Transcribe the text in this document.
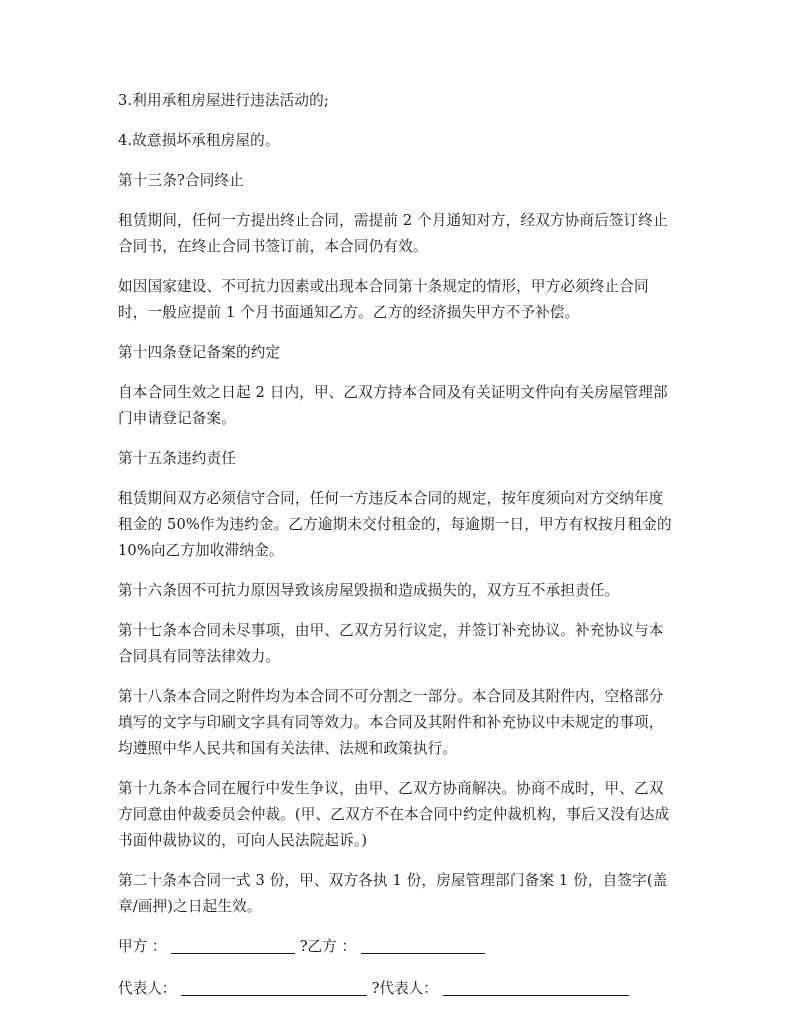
3.利用承租房屋进行违法活动的;

4.故意损坏承租房屋的。

第十三条?合同终止

租赁期间，任何一方提出终止合同，需提前 2 个月通知对方，经双方协商后签订终止合同书，在终止合同书签订前，本合同仍有效。

如因国家建设、不可抗力因素或出现本合同第十条规定的情形，甲方必须终止合同时，一般应提前 1 个月书面通知乙方。乙方的经济损失甲方不予补偿。

第十四条登记备案的约定

自本合同生效之日起 2 日内，甲、乙双方持本合同及有关证明文件向有关房屋管理部门申请登记备案。

第十五条违约责任

租赁期间双方必须信守合同，任何一方违反本合同的规定，按年度须向对方交纳年度租金的 50%作为违约金。乙方逾期未交付租金的，每逾期一日，甲方有权按月租金的 10%向乙方加收滞纳金。

第十六条因不可抗力原因导致该房屋毁损和造成损失的，双方互不承担责任。

第十七条本合同未尽事项，由甲、乙双方另行议定，并签订补充协议。补充协议与本合同具有同等法律效力。

第十八条本合同之附件均为本合同不可分割之一部分。本合同及其附件内，空格部分填写的文字与印刷文字具有同等效力。本合同及其附件和补充协议中未规定的事项，均遵照中华人民共和国有关法律、法规和政策执行。

第十九条本合同在履行中发生争议，由甲、乙双方协商解决。协商不成时，甲、乙双方同意由仲裁委员会仲裁。(甲、乙双方不在本合同中约定仲裁机构，事后又没有达成书面仲裁协议的，可向人民法院起诉。)

第二十条本合同一式 3 份，甲、双方各执 1 份，房屋管理部门备案 1 份，自签字(盖章/画押)之日起生效。

甲方 ：	?乙方 ：
代表人：	?代表人：
